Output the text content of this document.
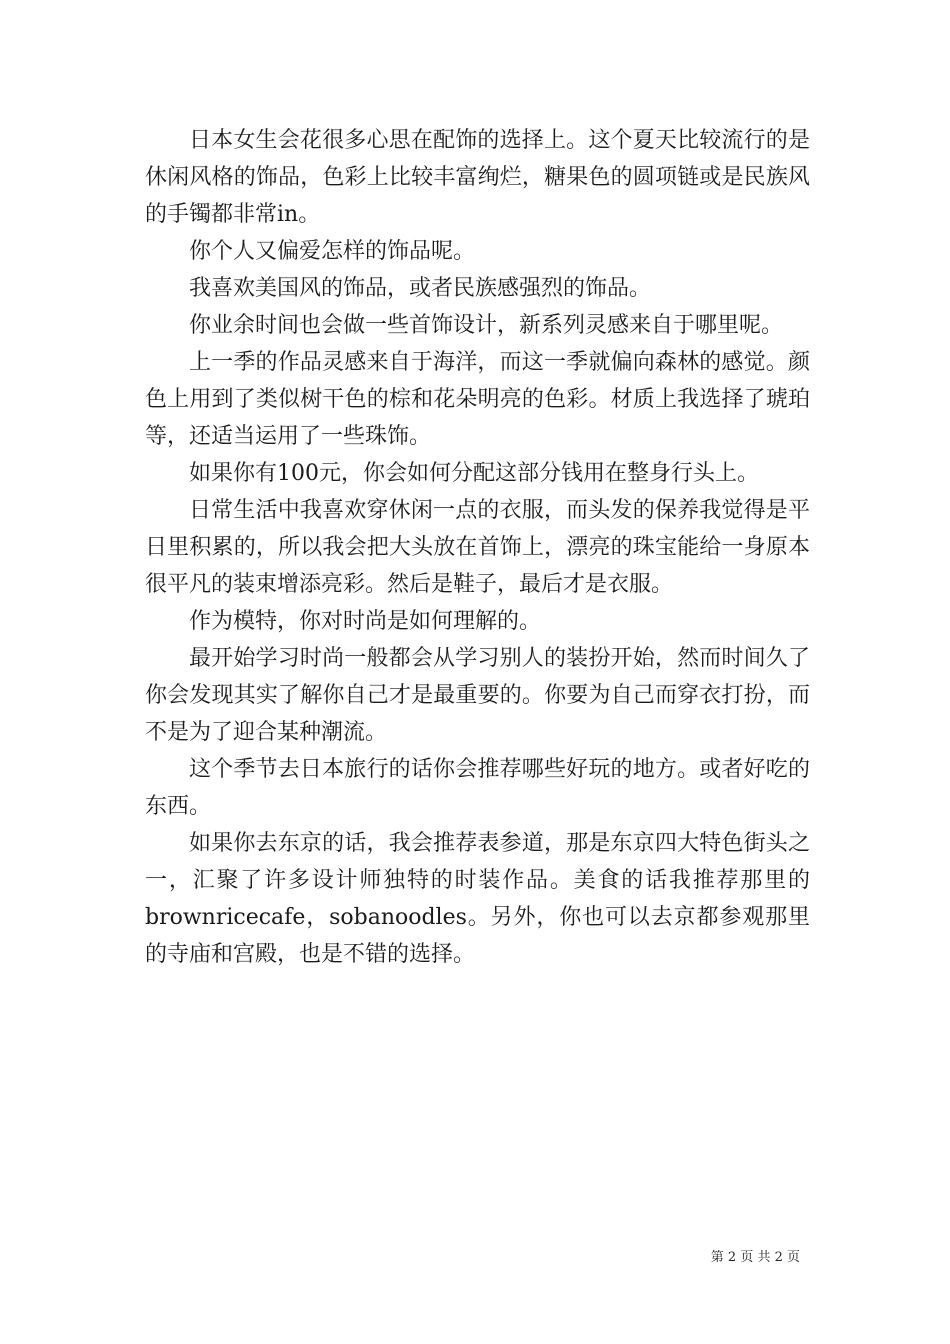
日本女生会花很多心思在配饰的选择上。这个夏天比较流行的是休闲风格的饰品，色彩上比较丰富绚烂，糖果色的圆项链或是民族风的手镯都非常in。

你个人又偏爱怎样的饰品呢。

我喜欢美国风的饰品，或者民族感强烈的饰品。

你业余时间也会做一些首饰设计，新系列灵感来自于哪里呢。

上一季的作品灵感来自于海洋，而这一季就偏向森林的感觉。颜色上用到了类似树干色的棕和花朵明亮的色彩。材质上我选择了琥珀等，还适当运用了一些珠饰。

如果你有100元，你会如何分配这部分钱用在整身行头上。

日常生活中我喜欢穿休闲一点的衣服，而头发的保养我觉得是平日里积累的，所以我会把大头放在首饰上，漂亮的珠宝能给一身原本很平凡的装束增添亮彩。然后是鞋子，最后才是衣服。

作为模特，你对时尚是如何理解的。

最开始学习时尚一般都会从学习别人的装扮开始，然而时间久了你会发现其实了解你自己才是最重要的。你要为自己而穿衣打扮，而不是为了迎合某种潮流。

这个季节去日本旅行的话你会推荐哪些好玩的地方。或者好吃的东西。

如果你去东京的话，我会推荐表参道，那是东京四大特色街头之一，汇聚了许多设计师独特的时装作品。美食的话我推荐那里的brownricecafe，sobanoodles。另外，你也可以去京都参观那里的寺庙和宫殿，也是不错的选择。

第 2 页 共 2 页
